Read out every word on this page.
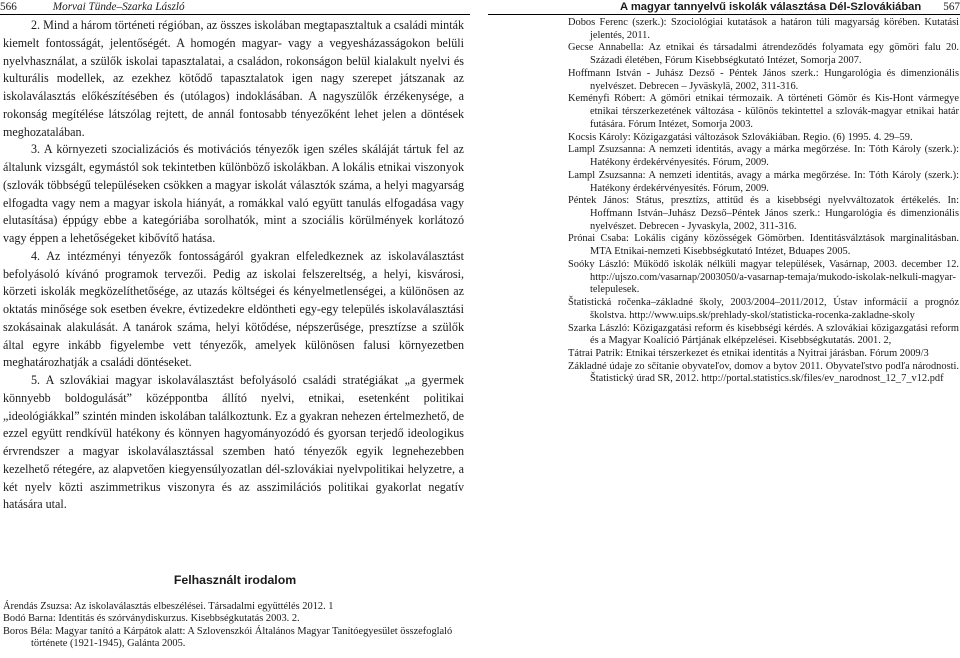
566	Morvai Tünde–Szarka László	A magyar tannyelvű iskolák választása Dél-Szlovákiában 567

2. Mind a három történeti régióban, az összes iskolában megtapasztaltuk a családi minták kiemelt fontosságát, jelentőségét. A homogén magyar- vagy a vegyesházasságokon belüli nyelvhasználat, a szülők iskolai tapasztalatai, a családon, rokonságon belül kialakult nyelvi és kulturális modellek, az ezekhez kötődő tapasztalatok igen nagy szerepet játszanak az iskolaválasztás előkészítésében és (utólagos) indoklásában. A nagyszülők érzékenysége, a rokonság megítélése látszólag rejtett, de annál fontosabb tényezőként lehet jelen a döntések meghozatalában.

3. A környezeti szocializációs és motivációs tényezők igen széles skáláját tártuk fel az általunk vizsgált, egymástól sok tekintetben különböző iskolákban. A lokális etnikai viszonyok (szlovák többségű településeken csökken a magyar iskolát választók száma, a helyi magyarság elfogadta vagy nem a magyar iskola hiányát, a romákkal való együtt tanulás elfogadása vagy elutasítása) éppúgy ebbe a kategóriába sorolhatók, mint a szociális körülmények korlátozó vagy éppen a lehetőségeket kibővítő hatása.

4. Az intézményi tényezők fontosságáról gyakran elfeledkeznek az iskolaválasztást befolyásoló kívánó programok tervezői. Pedig az iskolai felszereltség, a helyi, kisvárosi, körzeti iskolák megközelíthetősége, az utazás költségei és kényelmetlenségei, a különösen az oktatás minősége sok esetben évekre, évtizedekre eldöntheti egy-egy település iskolaválasztási szokásainak alakulását. A tanárok száma, helyi kötődése, népszerűsége, presztízse a szülők által egyre inkább figyelembe vett tényezők, amelyek különösen falusi környezetben meghatározhatják a családi döntéseket.

5. A szlovákiai magyar iskolaválasztást befolyásoló családi stratégiákat „a gyermek könnyebb boldogulását” középpontba állító nyelvi, etnikai, esetenként politikai „ideológiákkal” szintén minden iskolában találkoztunk. Ez a gyakran nehezen értelmezhető, de ezzel együtt rendkívül hatékony és könnyen hagyományozódó és gyorsan terjedő ideologikus érvrendszer a magyar iskolaválasztással szemben ható tényezők egyik legnehezebben kezelhető rétegére, az alapvetően kiegyensúlyozatlan dél-szlovákiai nyelvpolitikai helyzetre, a két nyelv közti aszimmetrikus viszonyra és az asszimilációs politikai gyakorlat negatív hatására utal.

Felhasznált irodalom

Árendás Zsuzsa: Az iskolaválasztás elbeszélései. Társadalmi együttélés 2012. 1

Bodó Barna: Identitás és szórványdiskurzus. Kisebbségkutatás 2003. 2.

Boros Béla: Magyar tanító a Kárpátok alatt: A Szlovenszkói Általános Magyar Tanítóegyesület összefoglaló története (1921-1945), Galánta 2005.

Dobos Ferenc (szerk.): Szociológiai kutatások a határon túli magyarság körében. Kutatási jelentés, 2011.

Gecse Annabella: Az etnikai és társadalmi átrendeződés folyamata egy gömöri falu 20. Századi életében, Fórum Kisebbségkutató Intézet, Somorja 2007.

Hoffmann István - Juhász Dezső - Péntek János szerk.: Hungarológia és dimenzionális nyelvészet. Debrecen – Jyväskylä, 2002, 311-316.

Keményfi Róbert: A gömöri etnikai térmozaik. A történeti Gömör és Kis-Hont vármegye etnikai térszerkezetének változása - különös tekintettel a szlovák-magyar etnikai határ futására. Fórum Intézet, Somorja 2003.

Kocsis Károly: Közigazgatási változások Szlovákiában. Regio. (6) 1995. 4. 29–59.

Lampl Zsuzsanna: A nemzeti identitás, avagy a márka megőrzése. In: Tóth Károly (szerk.): Hatékony érdekérvényesítés. Fórum, 2009.

Lampl Zsuzsanna: A nemzeti identitás, avagy a márka megőrzése. In: Tóth Károly (szerk.): Hatékony érdekérvényesítés. Fórum, 2009.

Péntek János: Státus, presztízs, attitűd és a kisebbségi nyelvváltozatok értékelés. In: Hoffmann István–Juhász Dezső–Péntek János szerk.: Hungarológia és dimenzionális nyelvészet. Debrecen - Jyvaskyla, 2002, 311-316.

Prónai Csaba: Lokális cigány közösségek Gömörben. Identitásválztások marginalitásban. MTA Etnikai-nemzeti Kisebbségkutató Intézet, Bduapes 2005.

Soóky László: Működő iskolák nélküli magyar települések, Vasárnap, 2003. december 12. http://ujszo.com/vasarnap/2003050/a-vasarnap-temaja/mukodo-iskolak-nelkuli-magyar-telepulesek.

Štatistická ročenka–základné školy, 2003/2004–2011/2012, Ústav informácií a prognóz školstva. http://www.uips.sk/prehlady-skol/statisticka-rocenka-zakladne-skoly

Szarka László: Közigazgatási reform és kisebbségi kérdés. A szlovákiai közigazgatási reform és a Magyar Koalíció Pártjának elképzelései. Kisebbségkutatás. 2001. 2,

Tátrai Patrik: Etnikai térszerkezet és etnikai identitás a Nyitrai járásban. Fórum 2009/3

Základné údaje zo sčítanie obyvateľov, domov a bytov 2011. Obyvateľstvo podľa národnosti. Štatistický úrad SR, 2012. http://portal.statistics.sk/files/ev_narodnost_12_7_v12.pdf
